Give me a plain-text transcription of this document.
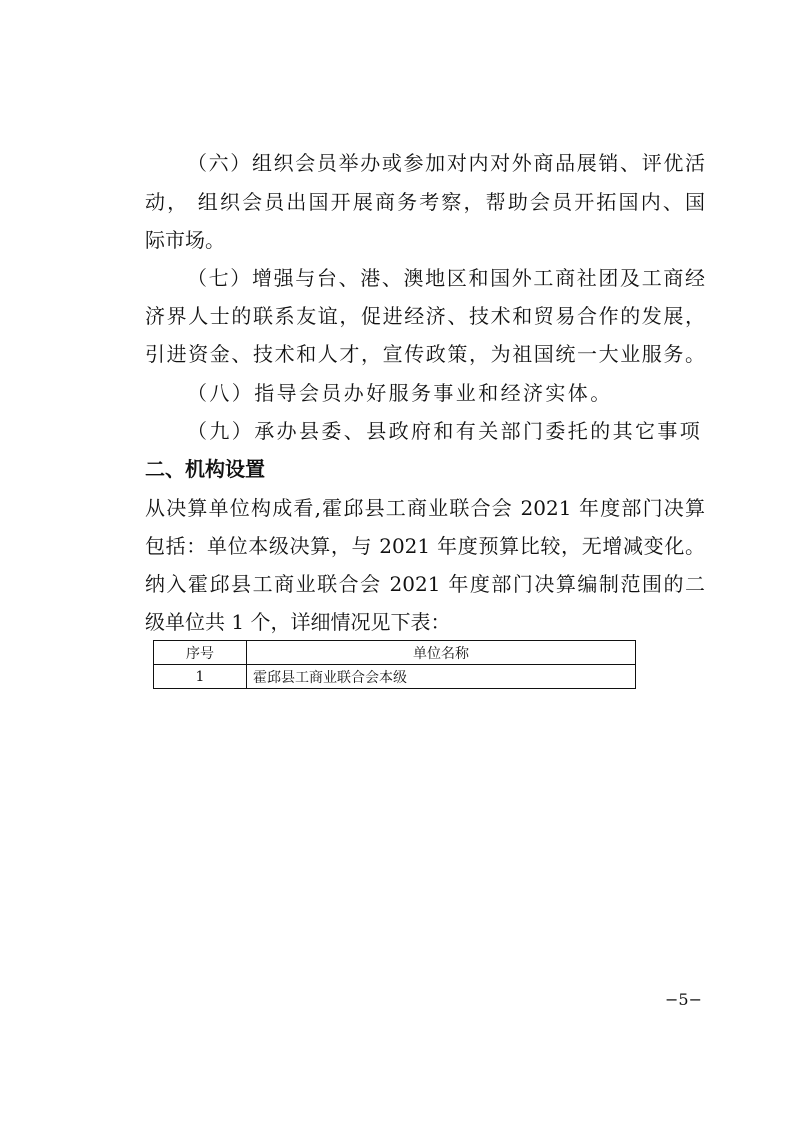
（六）组织会员举办或参加对内对外商品展销、评优活
动， 组织会员出国开展商务考察，帮助会员开拓国内、国
际市场。
（七）增强与台、港、澳地区和国外工商社团及工商经
济界人士的联系友谊，促进经济、技术和贸易合作的发展，
引进资金、技术和人才，宣传政策，为祖国统一大业服务。
（八）指导会员办好服务事业和经济实体。
（九）承办县委、县政府和有关部门委托的其它事项
二、机构设置
从决算单位构成看,霍邱县工商业联合会 2021 年度部门决算
包括：单位本级决算，与 2021 年度预算比较，无增减变化。
纳入霍邱县工商业联合会 2021 年度部门决算编制范围的二
级单位共 1 个，详细情况见下表：
序号	单位名称
1	霍邱县工商业联合会本级
−5−
